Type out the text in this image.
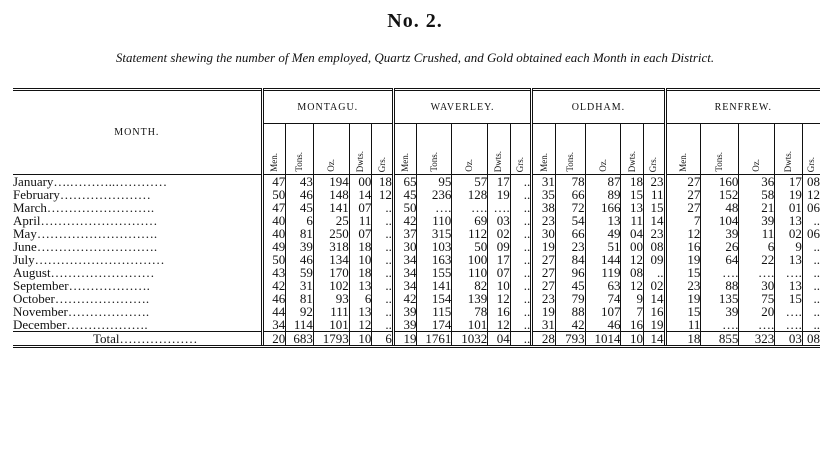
No. 2.
Statement shewing the number of Men employed, Quartz Crushed, and Gold obtained each Month in each District.
MONTH.	MONTAGU.					WAVERLEY.					OLDHAM.					RENFREW.				
	Men.	Tons.	Oz.	Dwts.	Grs.	Men.	Tons.	Oz.	Dwts.	Grs.	Men.	Tons.	Oz.	Dwts.	Grs.	Men.	Tons.	Oz.	Dwts.	Grs.
January….………..…………	47	43	194	00	18	65	95	57	17	..	31	78	87	18	23	27	160	36	17	08
February…………………	50	46	148	14	12	45	236	128	19	..	35	66	89	15	11	27	152	58	19	12
March…………………….	47	45	141	07	..	50	….	….	….	..	38	72	166	13	15	27	48	21	01	06
April………………………	40	6	25	11	..	42	110	69	03	..	23	54	13	11	14	7	104	39	13	..
May……………………….	40	81	250	07	..	37	315	112	02	..	30	66	49	04	23	12	39	11	02	06
June……………………….	49	39	318	18	..	30	103	50	09	..	19	23	51	00	08	16	26	6	9	..
July…………………………	50	46	134	10	..	34	163	100	17	..	27	84	144	12	09	19	64	22	13	..
August……………………	43	59	170	18	..	34	155	110	07	..	27	96	119	08	..	15	….	….	….	..
September……………….	42	31	102	13	..	34	141	82	10	..	27	45	63	12	02	23	88	30	13	..
October………………….	46	81	93	6	..	42	154	139	12	..	23	79	74	9	14	19	135	75	15	..
November……………….	44	92	111	13	..	39	115	78	16	..	19	88	107	7	16	15	39	20	….	..
December……………….	34	114	101	12	..	39	174	101	12	..	31	42	46	16	19	11	….	….	….	..
Total………………	20	683	1793	10	6	19	1761	1032	04	..	28	793	1014	10	14	18	855	323	03	08
